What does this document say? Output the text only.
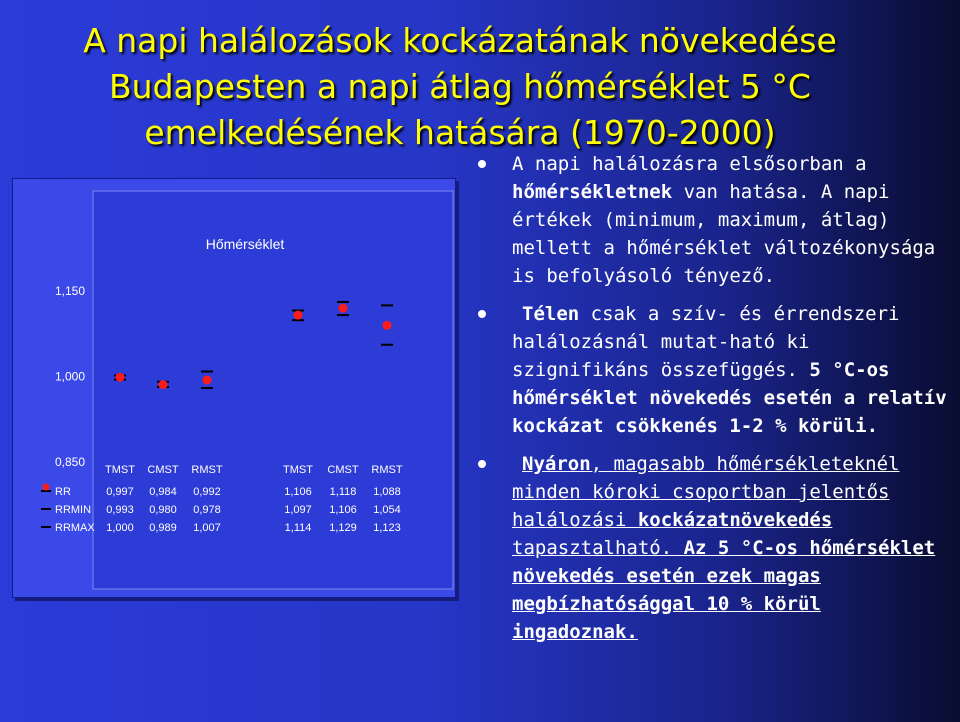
A napi halálozások kockázatának növekedése
Budapesten a napi átlag hőmérséklet 5 °C
emelkedésének hatására (1970-2000)
Hőmérséklet
1,150
1,000
0,850
TMST CMST RMST	TMST CMST RMST
RR	0,997 0,984 0,992	1,106 1,118 1,088
RRMIN 0,993 0,980 0,978	1,097 1,106 1,054
RRMAX 1,000 0,989 1,007	1,114 1,129 1,123
A napi halálozásra elsősorban a hőmérsékletnek van hatása. A napi értékek (minimum, maximum, átlag) mellett a hőmérséklet változékonysága is befolyásoló tényező.
Télen csak a szív- és érrendszeri halálozásnál mutat-ható ki szignifikáns összefüggés. 5 °C-os hőmérséklet növekedés esetén a relatív kockázat csökkenés 1-2 % körüli.
Nyáron, magasabb hőmérsékleteknél minden kóroki csoportban jelentős halálozási kockázatnövekedés tapasztalható. Az 5 °C-os hőmérséklet növekedés esetén ezek magas megbízhatósággal 10 % körül ingadoznak.
